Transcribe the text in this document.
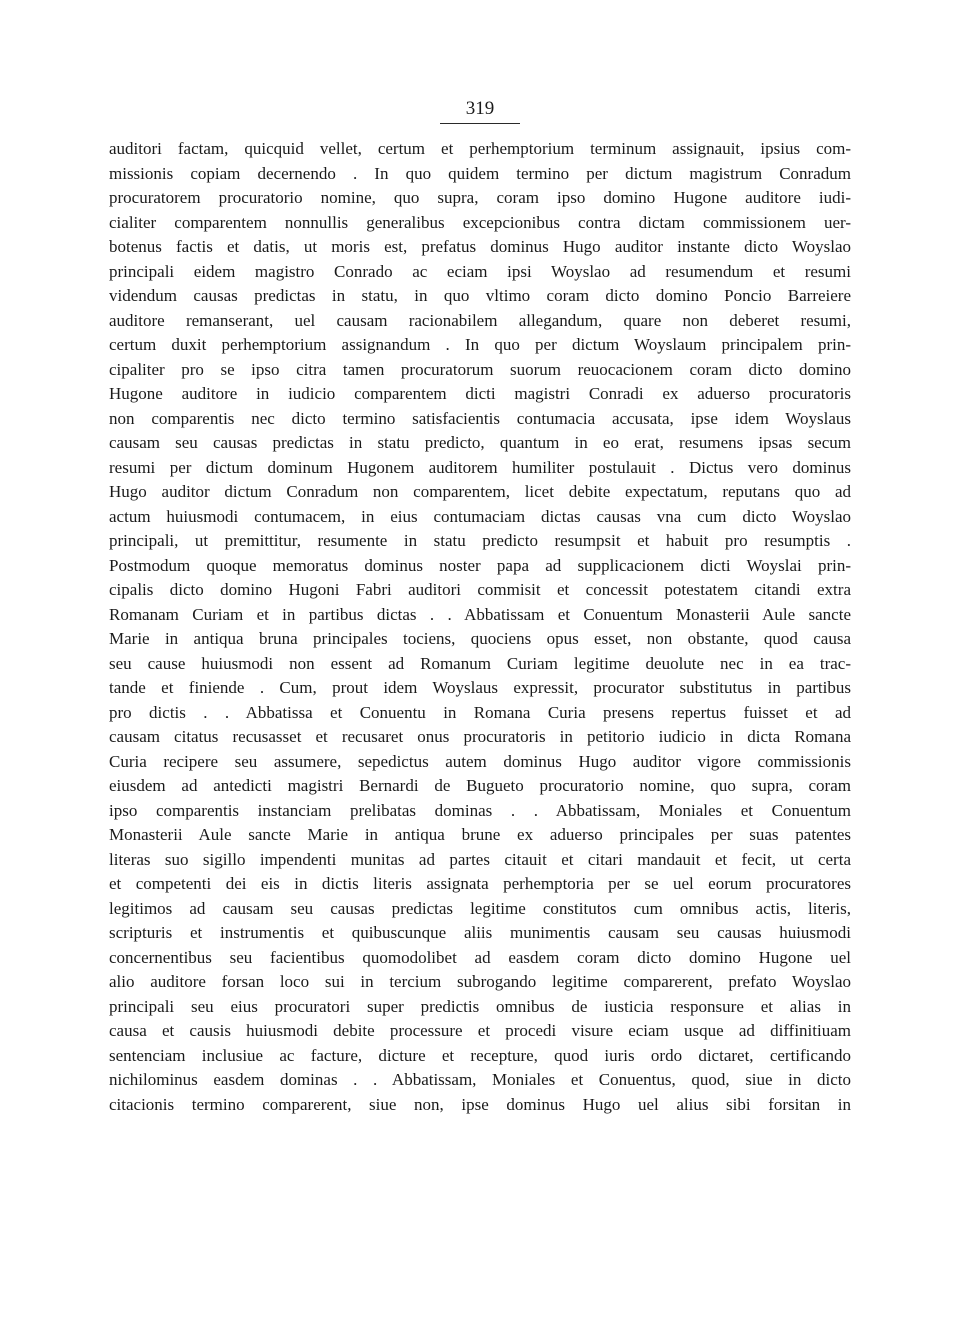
319
auditori factam, quicquid vellet, certum et perhemptorium terminum assignauit, ipsius com-
missionis copiam decernendo . In quo quidem termino per dictum magistrum Conradum
procuratorem procuratorio nomine, quo supra, coram ipso domino Hugone auditore iudi-
cialiter comparentem nonnullis generalibus excepcionibus contra dictam commissionem uer-
botenus factis et datis, ut moris est, prefatus dominus Hugo auditor instante dicto Woyslao
principali eidem magistro Conrado ac eciam ipsi Woyslao ad resumendum et resumi
videndum causas predictas in statu, in quo vltimo coram dicto domino Poncio Barreiere
auditore remanserant, uel causam racionabilem allegandum, quare non deberet resumi,
certum duxit perhemptorium assignandum . In quo per dictum Woyslaum principalem prin-
cipaliter pro se ipso citra tamen procuratorum suorum reuocacionem coram dicto domino
Hugone auditore in iudicio comparentem dicti magistri Conradi ex aduerso procuratoris
non comparentis nec dicto termino satisfacientis contumacia accusata, ipse idem Woyslaus
causam seu causas predictas in statu predicto, quantum in eo erat, resumens ipsas secum
resumi per dictum dominum Hugonem auditorem humiliter postulauit . Dictus vero dominus
Hugo auditor dictum Conradum non comparentem, licet debite expectatum, reputans quo ad
actum huiusmodi contumacem, in eius contumaciam dictas causas vna cum dicto Woyslao
principali, ut premittitur, resumente in statu predicto resumpsit et habuit pro resumptis .
Postmodum quoque memoratus dominus noster papa ad supplicacionem dicti Woyslai prin-
cipalis dicto domino Hugoni Fabri auditori commisit et concessit potestatem citandi extra
Romanam Curiam et in partibus dictas . . Abbatissam et Conuentum Monasterii Aule sancte
Marie in antiqua bruna principales tociens, quociens opus esset, non obstante, quod causa
seu cause huiusmodi non essent ad Romanum Curiam legitime deuolute nec in ea trac-
tande et finiende . Cum, prout idem Woyslaus expressit, procurator substitutus in partibus
pro dictis . . Abbatissa et Conuentu in Romana Curia presens repertus fuisset et ad
causam citatus recusasset et recusaret onus procuratoris in petitorio iudicio in dicta Romana
Curia recipere seu assumere, sepedictus autem dominus Hugo auditor vigore commissionis
eiusdem ad antedicti magistri Bernardi de Bugueto procuratorio nomine, quo supra, coram
ipso comparentis instanciam prelibatas dominas . . Abbatissam, Moniales et Conuentum
Monasterii Aule sancte Marie in antiqua brune ex aduerso principales per suas patentes
literas suo sigillo impendenti munitas ad partes citauit et citari mandauit et fecit, ut certa
et competenti dei eis in dictis literis assignata perhemptoria per se uel eorum procuratores
legitimos ad causam seu causas predictas legitime constitutos cum omnibus actis, literis,
scripturis et instrumentis et quibuscunque aliis munimentis causam seu causas huiusmodi
concernentibus seu facientibus quomodolibet ad easdem coram dicto domino Hugone uel
alio auditore forsan loco sui in tercium subrogando legitime comparerent, prefato Woyslao
principali seu eius procuratori super predictis omnibus de iusticia responsure et alias in
causa et causis huiusmodi debite processure et procedi visure eciam usque ad diffinitiuam
sentenciam inclusiue ac facture, dicture et recepture, quod iuris ordo dictaret, certificando
nichilominus easdem dominas . . Abbatissam, Moniales et Conuentus, quod, siue in dicto
citacionis termino comparerent, siue non, ipse dominus Hugo uel alius sibi forsitan in
